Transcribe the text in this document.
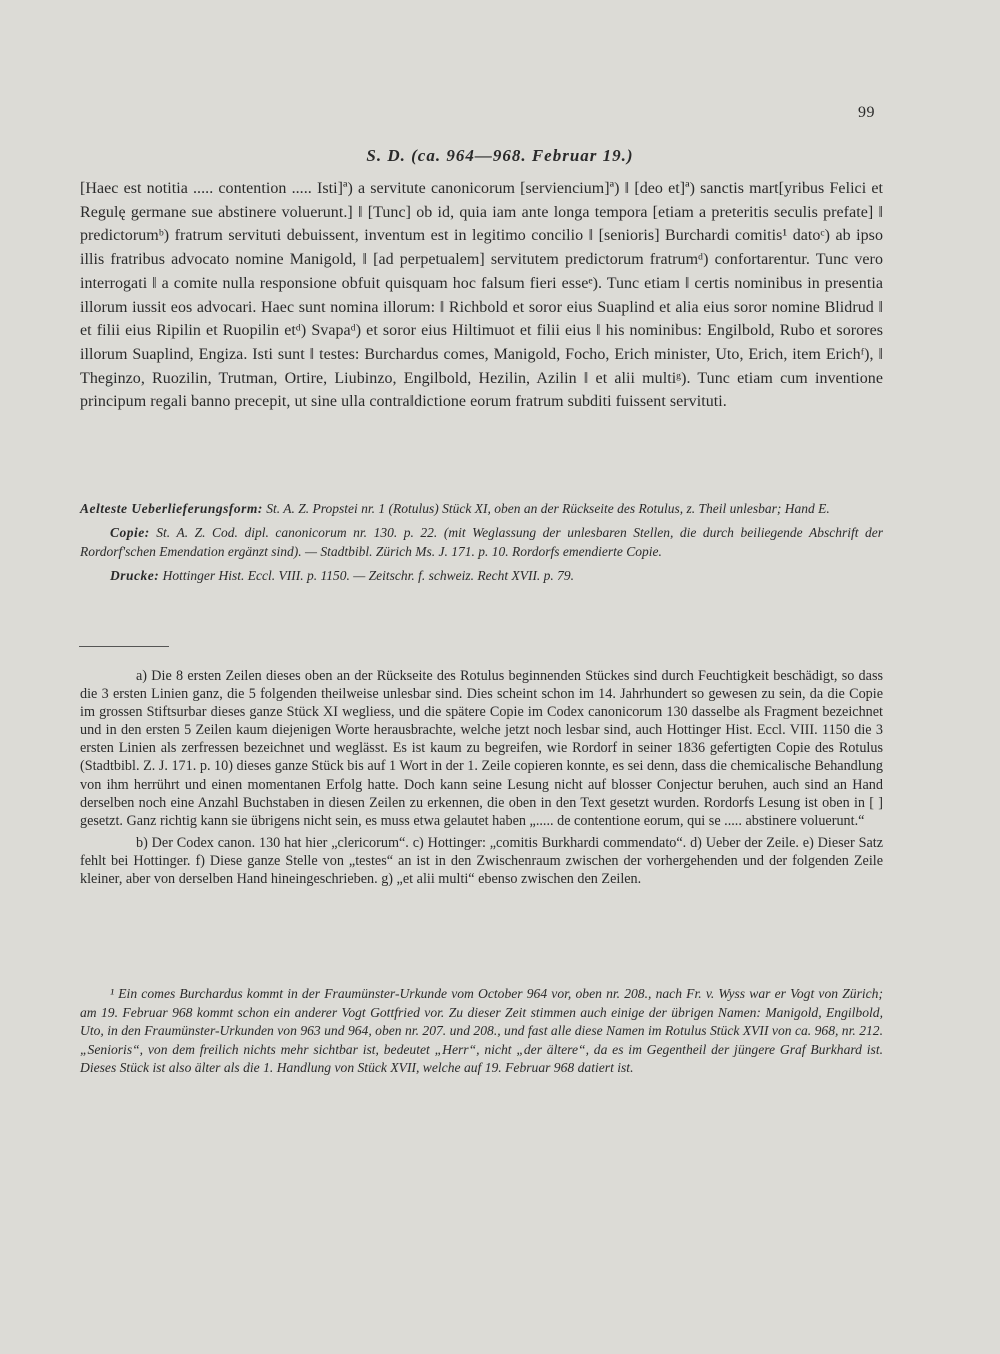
99
S. D. (ca. 964—968. Februar 19.)

[Haec est notitia ..... contention ..... Isti]ª) a servitute canonicorum [serviencium]ª) ‖ [deo et]ª) sanctis mart[yribus Felici et Regulę germane sue abstinere voluerunt.] ‖ [Tunc] ob id, quia iam ante longa tempora [etiam a preteritis seculis prefate] ‖ predictorumᵇ) fratrum servituti debuissent, inventum est in legitimo concilio ‖ [senioris] Burchardi comitis¹ datoᶜ) ab ipso illis fratribus advocato nomine Manigold, ‖ [ad perpetualem] servitutem predictorum fratrumᵈ) confortarentur. Tunc vero interrogati ‖ a comite nulla responsione obfuit quisquam hoc falsum fieri esseᵉ). Tunc etiam ‖ certis nominibus in presentia illorum iussit eos advocari. Haec sunt nomina illorum: ‖ Richbold et soror eius Suaplind et alia eius soror nomine Blidrud ‖ et filii eius Ripilin et Ruopilin etᵈ) Svapaᵈ) et soror eius Hiltimuot et filii eius ‖ his nominibus: Engilbold, Rubo et sorores illorum Suaplind, Engiza. Isti sunt ‖ testes: Burchardus comes, Manigold, Focho, Erich minister, Uto, Erich, item Erichᶠ), ‖ Theginzo, Ruozilin, Trutman, Ortire, Liubinzo, Engilbold, Hezilin, Azilin ‖ et alii multiᵍ). Tunc etiam cum inventione principum regali banno precepit, ut sine ulla contra‖dictione eorum fratrum subditi fuissent servituti.

Aelteste Ueberlieferungsform: St. A. Z. Propstei nr. 1 (Rotulus) Stück XI, oben an der Rückseite des Rotulus, z. Theil unlesbar; Hand E.

Copie: St. A. Z. Cod. dipl. canonicorum nr. 130. p. 22. (mit Weglassung der unlesbaren Stellen, die durch beiliegende Abschrift der Rordorf'schen Emendation ergänzt sind). — Stadtbibl. Zürich Ms. J. 171. p. 10. Rordorfs emendierte Copie.

Drucke: Hottinger Hist. Eccl. VIII. p. 1150. — Zeitschr. f. schweiz. Recht XVII. p. 79.

a) Die 8 ersten Zeilen dieses oben an der Rückseite des Rotulus beginnenden Stückes sind durch Feuchtigkeit beschädigt, so dass die 3 ersten Linien ganz, die 5 folgenden theilweise unlesbar sind. Dies scheint schon im 14. Jahrhundert so gewesen zu sein, da die Copie im grossen Stiftsurbar dieses ganze Stück XI wegliess, und die spätere Copie im Codex canonicorum 130 dasselbe als Fragment bezeichnet und in den ersten 5 Zeilen kaum diejenigen Worte herausbrachte, welche jetzt noch lesbar sind, auch Hottinger Hist. Eccl. VIII. 1150 die 3 ersten Linien als zerfressen bezeichnet und weglässt. Es ist kaum zu begreifen, wie Rordorf in seiner 1836 gefertigten Copie des Rotulus (Stadtbibl. Z. J. 171. p. 10) dieses ganze Stück bis auf 1 Wort in der 1. Zeile copieren konnte, es sei denn, dass die chemicalische Behandlung von ihm herrührt und einen momentanen Erfolg hatte. Doch kann seine Lesung nicht auf blosser Conjectur beruhen, auch sind an Hand derselben noch eine Anzahl Buchstaben in diesen Zeilen zu erkennen, die oben in den Text gesetzt wurden. Rordorfs Lesung ist oben in [ ] gesetzt. Ganz richtig kann sie übrigens nicht sein, es muss etwa gelautet haben „..... de contentione eorum, qui se ..... abstinere voluerunt.“

b) Der Codex canon. 130 hat hier „clericorum“. c) Hottinger: „comitis Burkhardi commendato“. d) Ueber der Zeile. e) Dieser Satz fehlt bei Hottinger. f) Diese ganze Stelle von „testes“ an ist in den Zwischenraum zwischen der vorhergehenden und der folgenden Zeile kleiner, aber von derselben Hand hineingeschrieben. g) „et alii multi“ ebenso zwischen den Zeilen.

¹ Ein comes Burchardus kommt in der Fraumünster-Urkunde vom October 964 vor, oben nr. 208., nach Fr. v. Wyss war er Vogt von Zürich; am 19. Februar 968 kommt schon ein anderer Vogt Gottfried vor. Zu dieser Zeit stimmen auch einige der übrigen Namen: Manigold, Engilbold, Uto, in den Fraumünster-Urkunden von 963 und 964, oben nr. 207. und 208., und fast alle diese Namen im Rotulus Stück XVII von ca. 968, nr. 212. „Senioris“, von dem freilich nichts mehr sichtbar ist, bedeutet „Herr“, nicht „der ältere“, da es im Gegentheil der jüngere Graf Burkhard ist. Dieses Stück ist also älter als die 1. Handlung von Stück XVII, welche auf 19. Februar 968 datiert ist.
